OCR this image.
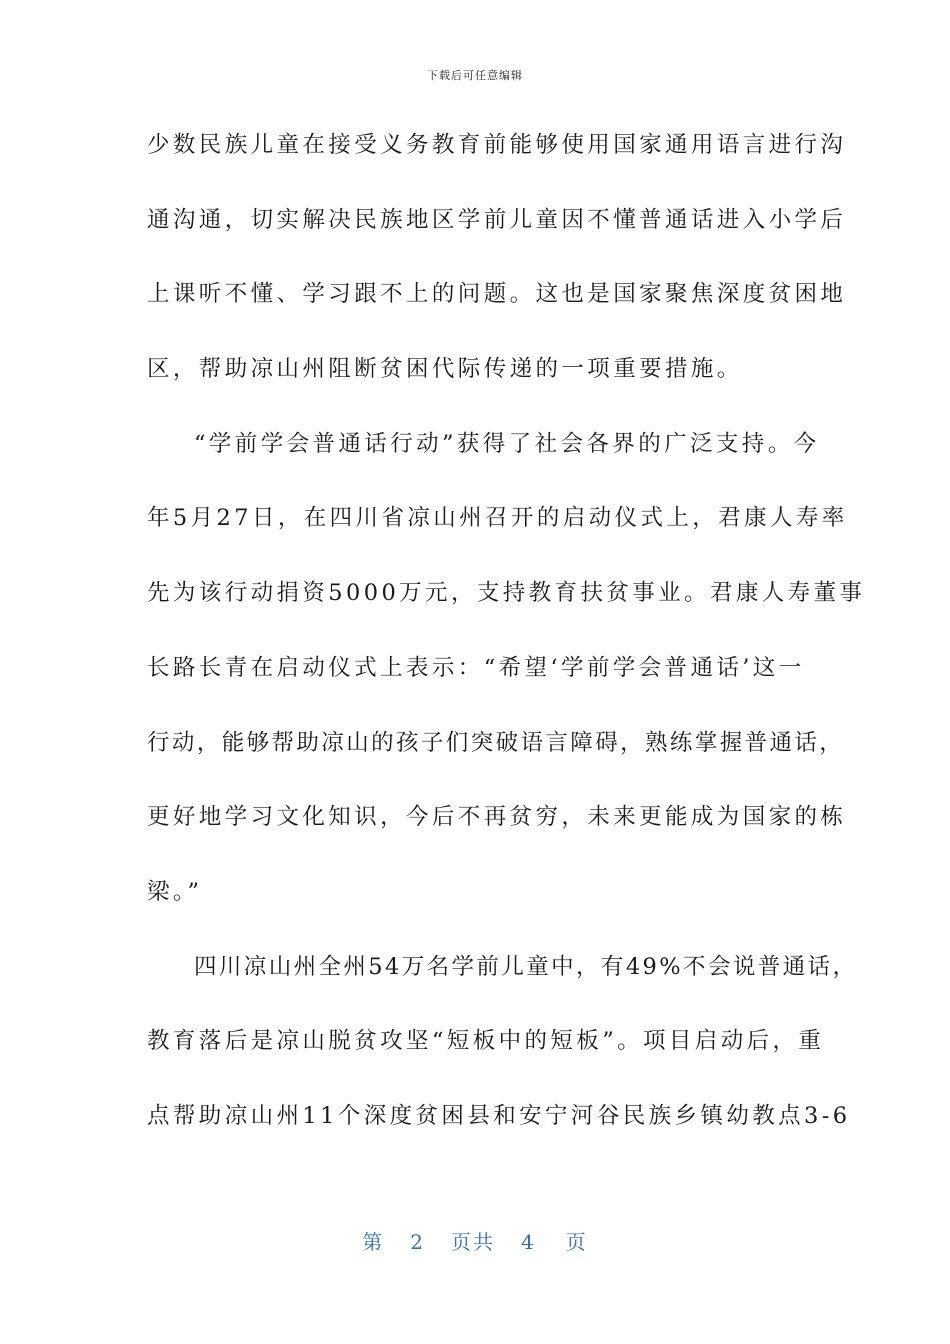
下载后可任意编辑
少数民族儿童在接受义务教育前能够使用国家通用语言进行沟
通沟通，切实解决民族地区学前儿童因不懂普通话进入小学后
上课听不懂、学习跟不上的问题。这也是国家聚焦深度贫困地
区，帮助凉山州阻断贫困代际传递的一项重要措施。
“学前学会普通话行动”获得了社会各界的广泛支持。今
年5月27日，在四川省凉山州召开的启动仪式上，君康人寿率
先为该行动捐资5000万元，支持教育扶贫事业。君康人寿董事
长路长青在启动仪式上表示：“希望‘学前学会普通话’这一
行动，能够帮助凉山的孩子们突破语言障碍，熟练掌握普通话，
更好地学习文化知识，今后不再贫穷，未来更能成为国家的栋
梁。”
四川凉山州全州54万名学前儿童中，有49%不会说普通话，
教育落后是凉山脱贫攻坚“短板中的短板”。项目启动后，重
点帮助凉山州11个深度贫困县和安宁河谷民族乡镇幼教点3-6
第 2 页共 4 页
